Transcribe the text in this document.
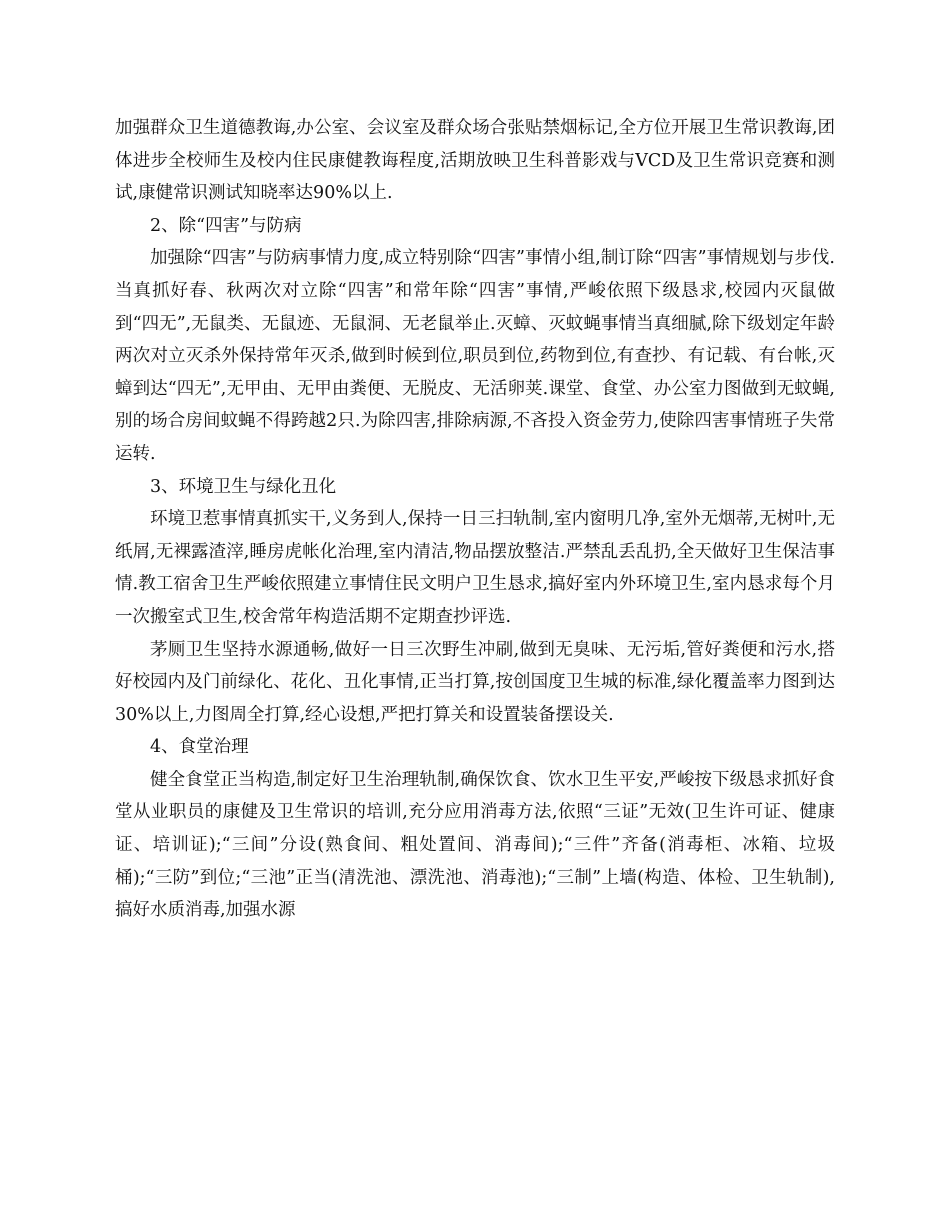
加强群众卫生道德教诲,办公室、会议室及群众场合张贴禁烟标记,全方位开展卫生常识教诲,团体进步全校师生及校内住民康健教诲程度,活期放映卫生科普影戏与VCD及卫生常识竞赛和测试,康健常识测试知晓率达90%以上.

2、除“四害”与防病

加强除“四害”与防病事情力度,成立特别除“四害”事情小组,制订除“四害”事情规划与步伐.当真抓好春、秋两次对立除“四害”和常年除“四害”事情,严峻依照下级恳求,校园内灭鼠做到“四无”,无鼠类、无鼠迹、无鼠洞、无老鼠举止.灭蟑、灭蚊蝇事情当真细腻,除下级划定年龄两次对立灭杀外保持常年灭杀,做到时候到位,职员到位,药物到位,有查抄、有记载、有台帐,灭蟑到达“四无”,无甲由、无甲由粪便、无脱皮、无活卵荚.课堂、食堂、办公室力图做到无蚊蝇,别的场合房间蚊蝇不得跨越2只.为除四害,排除病源,不吝投入资金劳力,使除四害事情班子失常运转.

3、环境卫生与绿化丑化

环境卫惹事情真抓实干,义务到人,保持一日三扫轨制,室内窗明几净,室外无烟蒂,无树叶,无纸屑,无裸露渣滓,睡房虎帐化治理,室内清洁,物品摆放整洁.严禁乱丢乱扔,全天做好卫生保洁事情.教工宿舍卫生严峻依照建立事情住民文明户卫生恳求,搞好室内外环境卫生,室内恳求每个月一次搬室式卫生,校舍常年构造活期不定期查抄评选.

茅厕卫生坚持水源通畅,做好一日三次野生冲刷,做到无臭味、无污垢,管好粪便和污水,搭好校园内及门前绿化、花化、丑化事情,正当打算,按创国度卫生城的标准,绿化覆盖率力图到达30%以上,力图周全打算,经心设想,严把打算关和设置装备摆设关.

4、食堂治理

健全食堂正当构造,制定好卫生治理轨制,确保饮食、饮水卫生平安,严峻按下级恳求抓好食堂从业职员的康健及卫生常识的培训,充分应用消毒方法,依照“三证”无效(卫生许可证、健康证、培训证);“三间”分设(熟食间、粗处置间、消毒间);“三件”齐备(消毒柜、冰箱、垃圾桶);“三防”到位;“三池”正当(清洗池、漂洗池、消毒池);“三制”上墙(构造、体检、卫生轨制),搞好水质消毒,加强水源
